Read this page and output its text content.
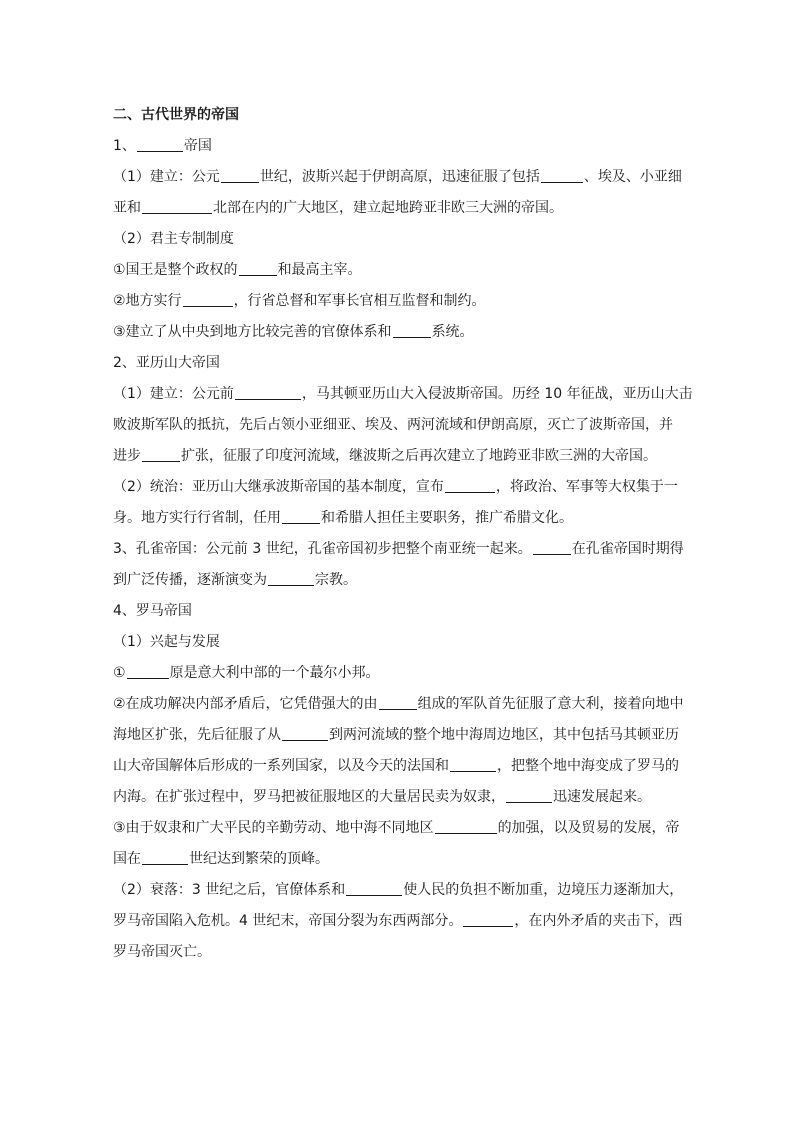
二、古代世界的帝国

1、	帝国

（1）建立：公元	世纪，波斯兴起于伊朗高原，迅速征服了包括	、埃及、小亚细

亚和	北部在内的广大地区，建立起地跨亚非欧三大洲的帝国。

（2）君主专制制度

①国王是整个政权的	和最高主宰。

②地方实行	，行省总督和军事长官相互监督和制约。

③建立了从中央到地方比较完善的官僚体系和	系统。

2、亚历山大帝国

（1）建立：公元前	，马其顿亚历山大入侵波斯帝国。历经 10 年征战，亚历山大击

败波斯军队的抵抗，先后占领小亚细亚、埃及、两河流域和伊朗高原，灭亡了波斯帝国，并

进步	扩张，征服了印度河流域，继波斯之后再次建立了地跨亚非欧三洲的大帝国。

（2）统治：亚历山大继承波斯帝国的基本制度，宣布	，将政治、军事等大权集于一

身。地方实行行省制，任用	和希腊人担任主要职务，推广希腊文化。

3、孔雀帝国：公元前 3 世纪，孔雀帝国初步把整个南亚统一起来。	在孔雀帝国时期得

到广泛传播，逐渐演变为	宗教。

4、罗马帝国

（1）兴起与发展

①	原是意大利中部的一个蕞尔小邦。

②在成功解决内部矛盾后，它凭借强大的由	组成的军队首先征服了意大利，接着向地中

海地区扩张，先后征服了从	到两河流域的整个地中海周边地区，其中包括马其顿亚历

山大帝国解体后形成的一系列国家，以及今天的法国和	，把整个地中海变成了罗马的

内海。在扩张过程中，罗马把被征服地区的大量居民卖为奴隶，	迅速发展起来。

③由于奴隶和广大平民的辛勤劳动、地中海不同地区	的加强，以及贸易的发展，帝

国在	世纪达到繁荣的顶峰。

（2）衰落：3 世纪之后，官僚体系和	使人民的负担不断加重，边境压力逐渐加大，

罗马帝国陷入危机。4 世纪末，帝国分裂为东西两部分。	，在内外矛盾的夹击下，西

罗马帝国灭亡。
